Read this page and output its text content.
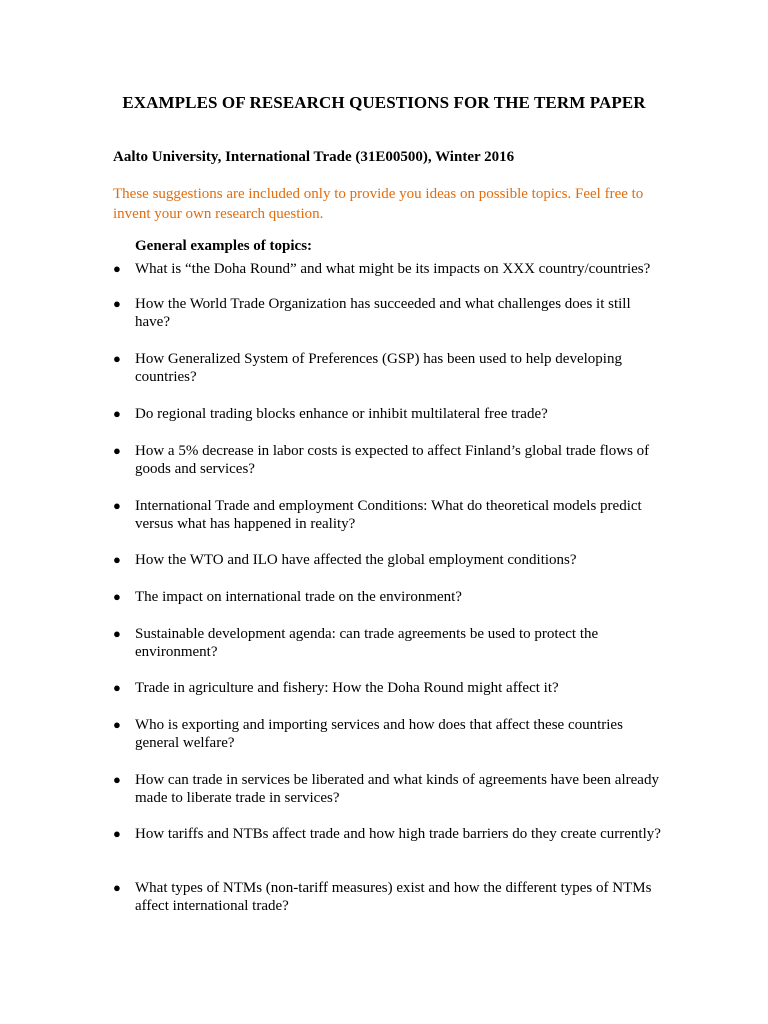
EXAMPLES OF RESEARCH QUESTIONS FOR THE TERM PAPER

Aalto University, International Trade (31E00500), Winter 2016

These suggestions are included only to provide you ideas on possible topics. Feel free to invent your own research question.

General examples of topics:

● What is “the Doha Round” and what might be its impacts on XXX country/countries?
● How the World Trade Organization has succeeded and what challenges does it still have?
● How Generalized System of Preferences (GSP) has been used to help developing countries?
● Do regional trading blocks enhance or inhibit multilateral free trade?
● How a 5% decrease in labor costs is expected to affect Finland’s global trade flows of goods and services?
● International Trade and employment Conditions: What do theoretical models predict versus what has happened in reality?
● How the WTO and ILO have affected the global employment conditions?
● The impact on international trade on the environment?
● Sustainable development agenda: can trade agreements be used to protect the environment?
● Trade in agriculture and fishery: How the Doha Round might affect it?
● Who is exporting and importing services and how does that affect these countries general welfare?
● How can trade in services be liberated and what kinds of agreements have been already made to liberate trade in services?
● How tariffs and NTBs affect trade and how high trade barriers do they create currently?
● What types of NTMs (non-tariff measures) exist and how the different types of NTMs affect international trade?
